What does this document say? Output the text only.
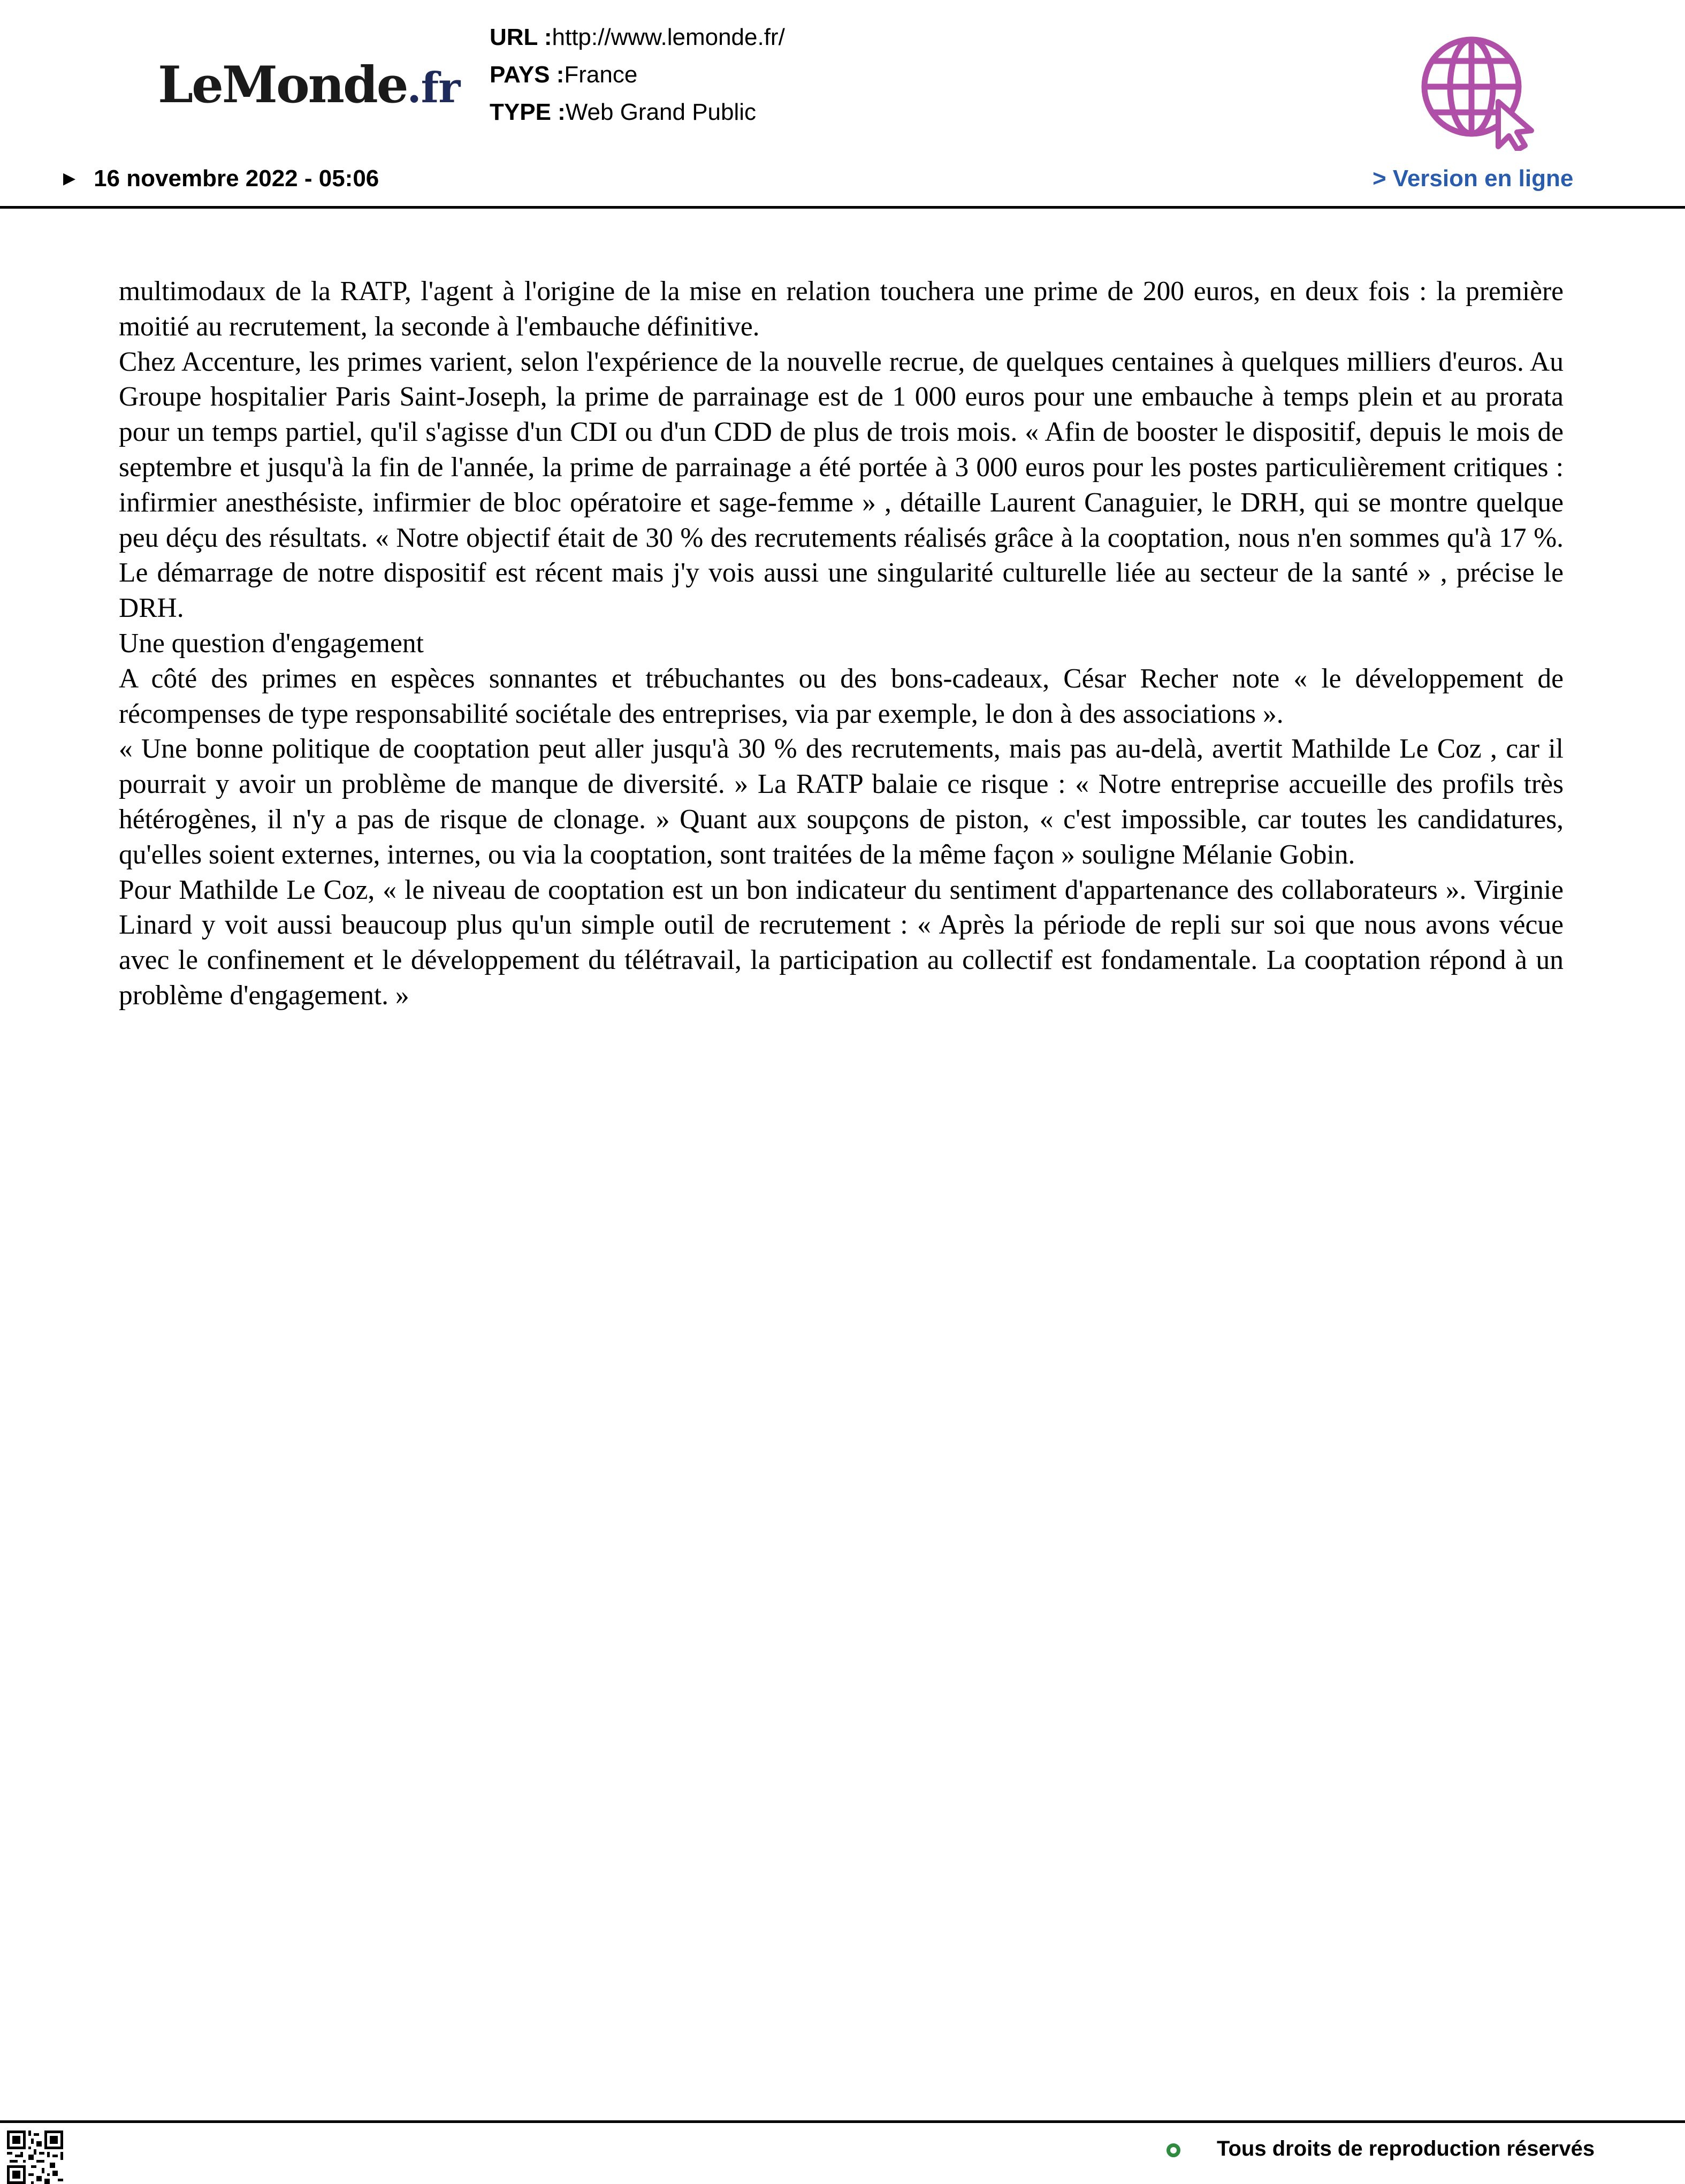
LeMonde.fr
URL :http://www.lemonde.fr/
PAYS :France
TYPE :Web Grand Public
▶ 16 novembre 2022 - 05:06	> Version en ligne

multimodaux de la RATP, l'agent à l'origine de la mise en relation touchera une prime de 200 euros, en deux fois : la première moitié au recrutement, la seconde à l'embauche définitive.

Chez Accenture, les primes varient, selon l'expérience de la nouvelle recrue, de quelques centaines à quelques milliers d'euros. Au Groupe hospitalier Paris Saint-Joseph, la prime de parrainage est de 1 000 euros pour une embauche à temps plein et au prorata pour un temps partiel, qu'il s'agisse d'un CDI ou d'un CDD de plus de trois mois. « Afin de booster le dispositif, depuis le mois de septembre et jusqu'à la fin de l'année, la prime de parrainage a été portée à 3 000 euros pour les postes particulièrement critiques : infirmier anesthésiste, infirmier de bloc opératoire et sage-femme » , détaille Laurent Canaguier, le DRH, qui se montre quelque peu déçu des résultats. « Notre objectif était de 30 % des recrutements réalisés grâce à la cooptation, nous n'en sommes qu'à 17 %. Le démarrage de notre dispositif est récent mais j'y vois aussi une singularité culturelle liée au secteur de la santé » , précise le DRH.

Une question d'engagement

A côté des primes en espèces sonnantes et trébuchantes ou des bons-cadeaux, César Recher note « le développement de récompenses de type responsabilité sociétale des entreprises, via par exemple, le don à des associations ».

« Une bonne politique de cooptation peut aller jusqu'à 30 % des recrutements, mais pas au-delà, avertit Mathilde Le Coz , car il pourrait y avoir un problème de manque de diversité. » La RATP balaie ce risque : « Notre entreprise accueille des profils très hétérogènes, il n'y a pas de risque de clonage. » Quant aux soupçons de piston, « c'est impossible, car toutes les candidatures, qu'elles soient externes, internes, ou via la cooptation, sont traitées de la même façon » souligne Mélanie Gobin.

Pour Mathilde Le Coz, « le niveau de cooptation est un bon indicateur du sentiment d'appartenance des collaborateurs ». Virginie Linard y voit aussi beaucoup plus qu'un simple outil de recrutement : « Après la période de repli sur soi que nous avons vécue avec le confinement et le développement du télétravail, la participation au collectif est fondamentale. La cooptation répond à un problème d'engagement. »

Tous droits de reproduction réservés
